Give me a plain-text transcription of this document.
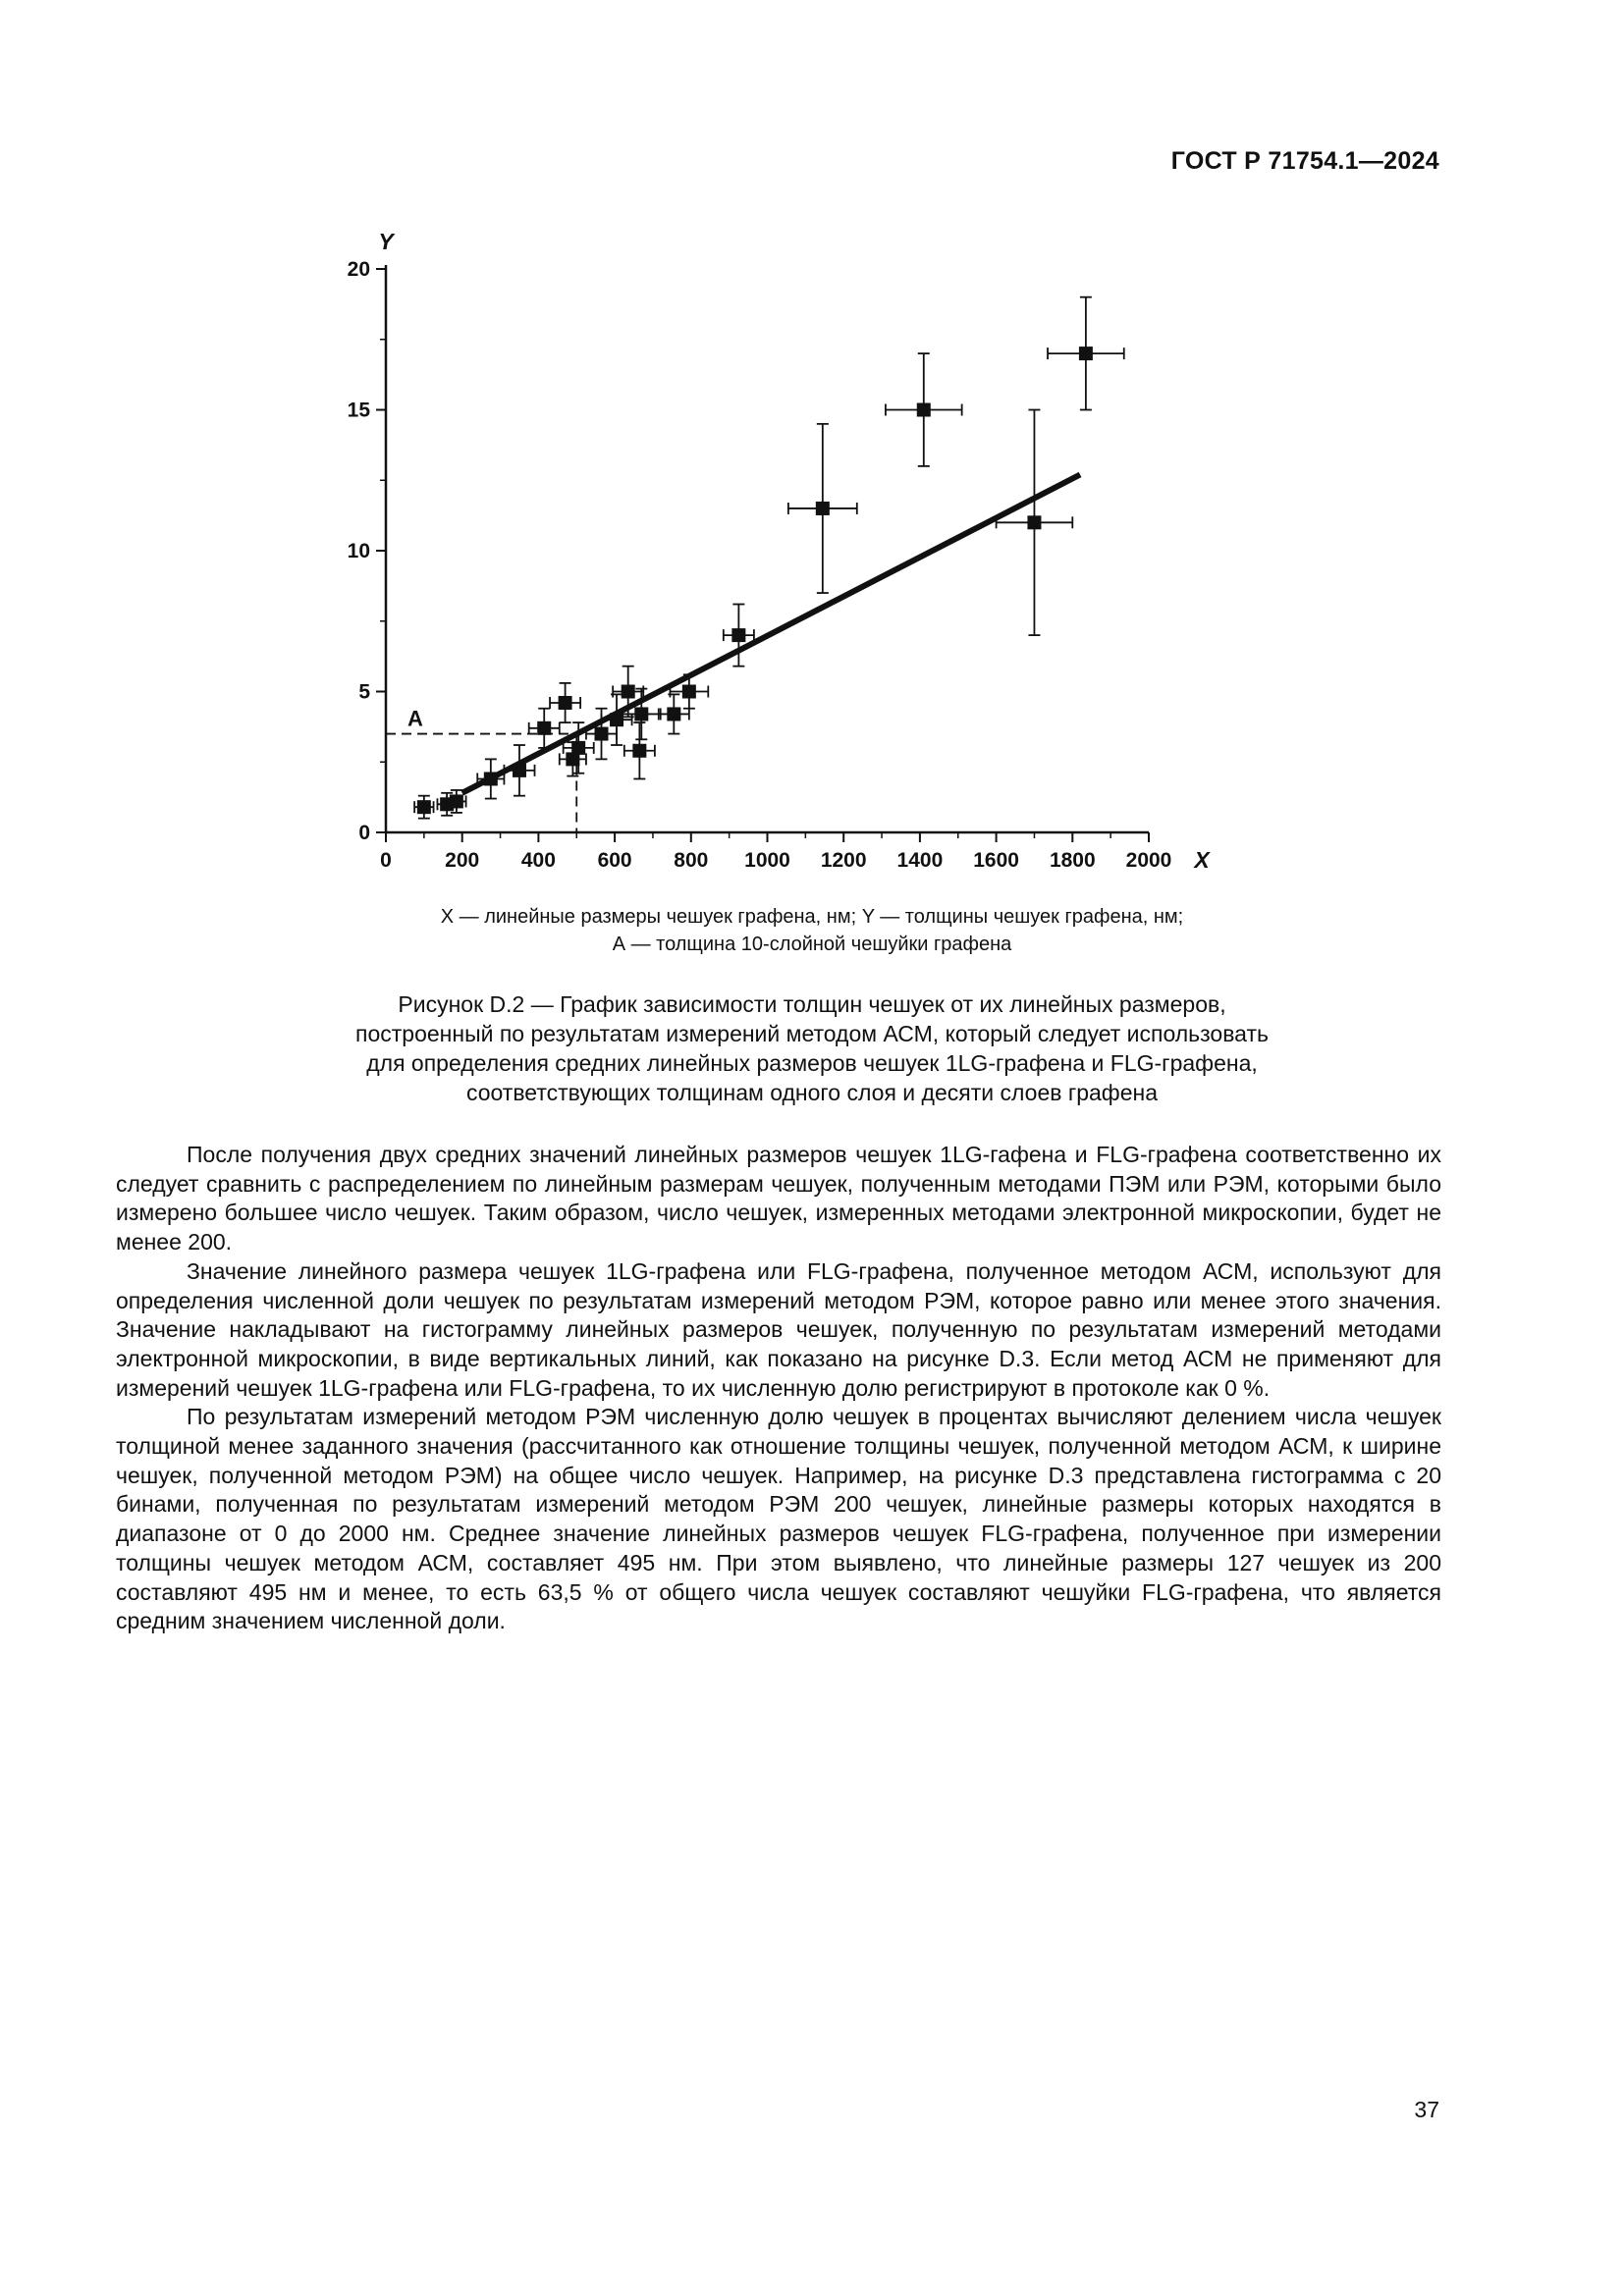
ГОСТ Р 71754.1—2024
0	200 400 600 800 1000 1200 1400 1600 1800 2000
0
5
10
15
20
X
Y
А
X — линейные размеры чешуек графена, нм; Y — толщины чешуек графена, нм;
А — толщина 10-слойной чешуйки графена
Рисунок D.2 — График зависимости толщин чешуек от их линейных размеров,
построенный по результатам измерений методом АСМ, который следует использовать
для определения средних линейных размеров чешуек 1LG-графена и FLG-графена,
соответствующих толщинам одного слоя и десяти слоев графена

После получения двух средних значений линейных размеров чешуек 1LG-гафена и FLG-графена соответственно их следует сравнить с распределением по линейным размерам чешуек, полученным методами ПЭМ или РЭМ, которыми было измерено большее число чешуек. Таким образом, число чешуек, измеренных методами электронной микроскопии, будет не менее 200.

Значение линейного размера чешуек 1LG-графена или FLG-графена, полученное методом АСМ, используют для определения численной доли чешуек по результатам измерений методом РЭМ, которое равно или менее этого значения. Значение накладывают на гистограмму линейных размеров чешуек, полученную по результатам измерений методами электронной микроскопии, в виде вертикальных линий, как показано на рисунке D.3. Если метод АСМ не применяют для измерений чешуек 1LG-графена или FLG-графена, то их численную долю регистрируют в протоколе как 0 %.

По результатам измерений методом РЭМ численную долю чешуек в процентах вычисляют делением числа чешуек толщиной менее заданного значения (рассчитанного как отношение толщины чешуек, полученной методом АСМ, к ширине чешуек, полученной методом РЭМ) на общее число чешуек. Например, на рисунке D.3 представлена гистограмма с 20 бинами, полученная по результатам измерений методом РЭМ 200 чешуек, линейные размеры которых находятся в диапазоне от 0 до 2000 нм. Среднее значение линейных размеров чешуек FLG-графена, полученное при измерении толщины чешуек методом АСМ, составляет 495 нм. При этом выявлено, что линейные размеры 127 чешуек из 200 составляют 495 нм и менее, то есть 63,5 % от общего числа чешуек составляют чешуйки FLG-графена, что является средним значением численной доли.

37
